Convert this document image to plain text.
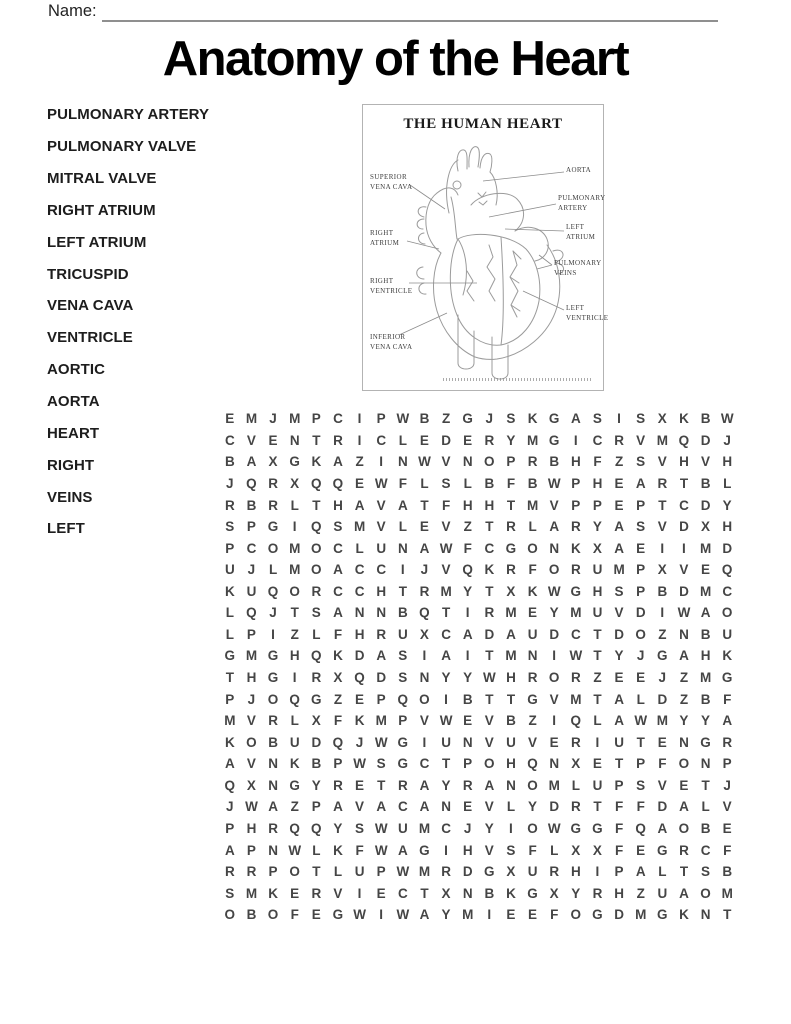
Name:
Anatomy of the Heart
PULMONARY ARTERY
PULMONARY VALVE
MITRAL VALVE
RIGHT ATRIUM
LEFT ATRIUM
TRICUSPID
VENA CAVA
VENTRICLE
AORTIC
AORTA
HEART
RIGHT
VEINS
LEFT
THE HUMAN HEART
SUPERIOR
VENA CAVA
AORTA
PULMONARY
ARTERY
RIGHT
ATRIUM
LEFT
ATRIUM
PULMONARY
VEINS
RIGHT
VENTRICLE
LEFT
VENTRICLE
INFERIOR
VENA CAVA
E M J M P C	I	P W B Z G J S K G A S	I	S X K B W
C V E N T R	I	C L E D E R Y M G	I	C R V M Q D J
B A X G K A Z	I	N W V N O P R B H F Z S V H V H
J Q R X Q Q E W F L S L B F B W P H E A R T B L
R B R L T H A V A T F H H T M V P P E P T C D Y
S P G	I	Q S M V L E V Z T R L A R Y A S V D X H
P C O M O C L U N A W F C G O N K X A E	I	I	M D
U J	L M O A C C	I	J V Q K R F O R U M P X V E Q
K U Q O R C C H T R M Y T X K W G H S P B D M C
L Q J	T S A N N B Q T	I	R M E Y M U V D	I W A O
L P	I	Z L F H R U X C A D A U D C T D O Z N B U
G M G H Q K D A S	I	A	I	T M N	I W T Y J G A H K
T H G	I	R X Q D S N Y Y W H R O R Z E E J	Z M G
P J O Q G Z E P Q O	I	B T T G V M T A L D Z B F
M V R L X F K M P V W E V B Z	I	Q L A W M Y Y A
K O B U D Q J W G	I	U N V U V E R	I	U T E N G R
A V N K B P W S G C T P O H Q N X E T P F O N P
Q X N G Y R E T R A Y R A N O M L U P S V E T	J
J W A Z P A V A C A N E V L Y D R T F F D A L V
P H R Q Q Y S W U M C J Y	I	O W G G F Q A O B E
A P N W L K F W A G	I	H V S F L X X F E G R C F
R R P O T L U P W M R D G X U R H	I	P A L T S B
S M K E R V	I	E C T X N B K G X Y R H Z U A O M
O B O F E G W I W A Y M	I	E E F O G D M G K N T
